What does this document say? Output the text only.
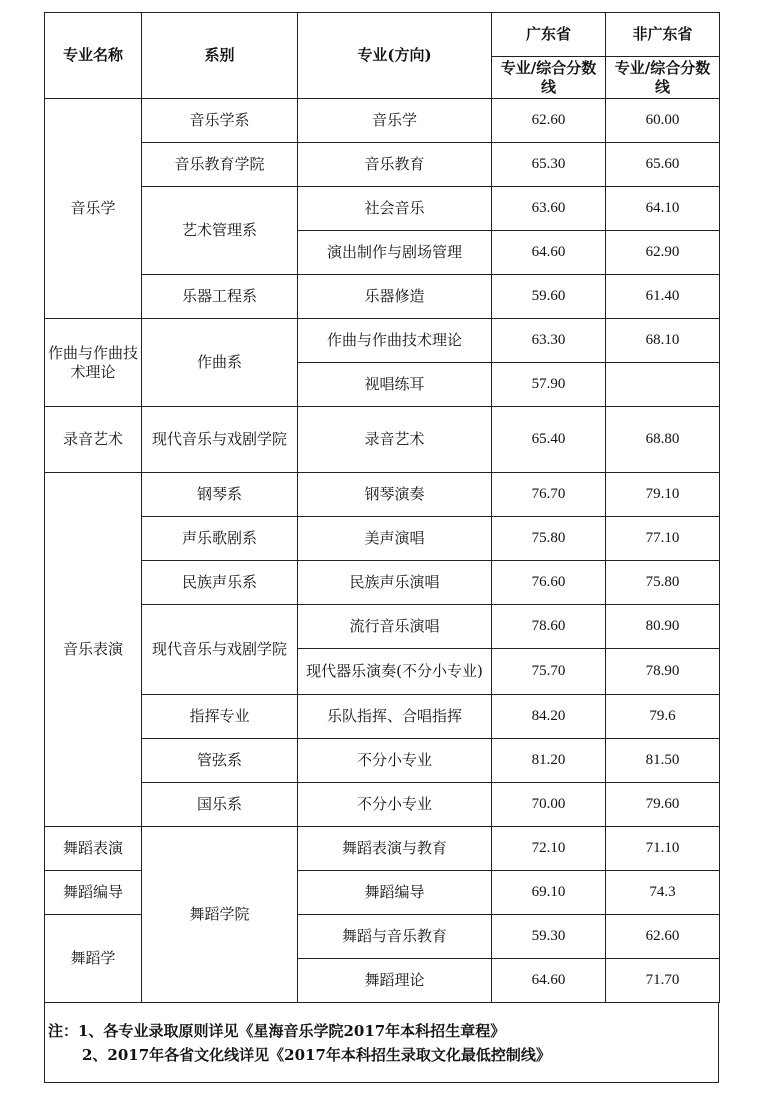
专业名称	系别	专业(方向)	广东省	非广东省
			专业/综合分数线	专业/综合分数线
音乐学	音乐学系	音乐学	62.60	60.00
	音乐教育学院	音乐教育	65.30	65.60
	艺术管理系	社会音乐	63.60	64.10
		演出制作与剧场管理	64.60	62.90
	乐器工程系	乐器修造	59.60	61.40
作曲与作曲技术理论	作曲系	作曲与作曲技术理论	63.30	68.10
		视唱练耳	57.90	
录音艺术	现代音乐与戏剧学院	录音艺术	65.40	68.80
音乐表演	钢琴系	钢琴演奏	76.70	79.10
	声乐歌剧系	美声演唱	75.80	77.10
	民族声乐系	民族声乐演唱	76.60	75.80
	现代音乐与戏剧学院	流行音乐演唱	78.60	80.90
		现代器乐演奏(不分小专业)	75.70	78.90
	指挥专业	乐队指挥、合唱指挥	84.20	79.6
	管弦系	不分小专业	81.20	81.50
	国乐系	不分小专业	70.00	79.60
舞蹈表演	舞蹈学院	舞蹈表演与教育	72.10	71.10
舞蹈编导		舞蹈编导	69.10	74.3
舞蹈学		舞蹈与音乐教育	59.30	62.60
		舞蹈理论	64.60	71.70
注：1、各专业录取原则详见《星海音乐学院2017年本科招生章程》
2、2017年各省文化线详见《2017年本科招生录取文化最低控制线》
